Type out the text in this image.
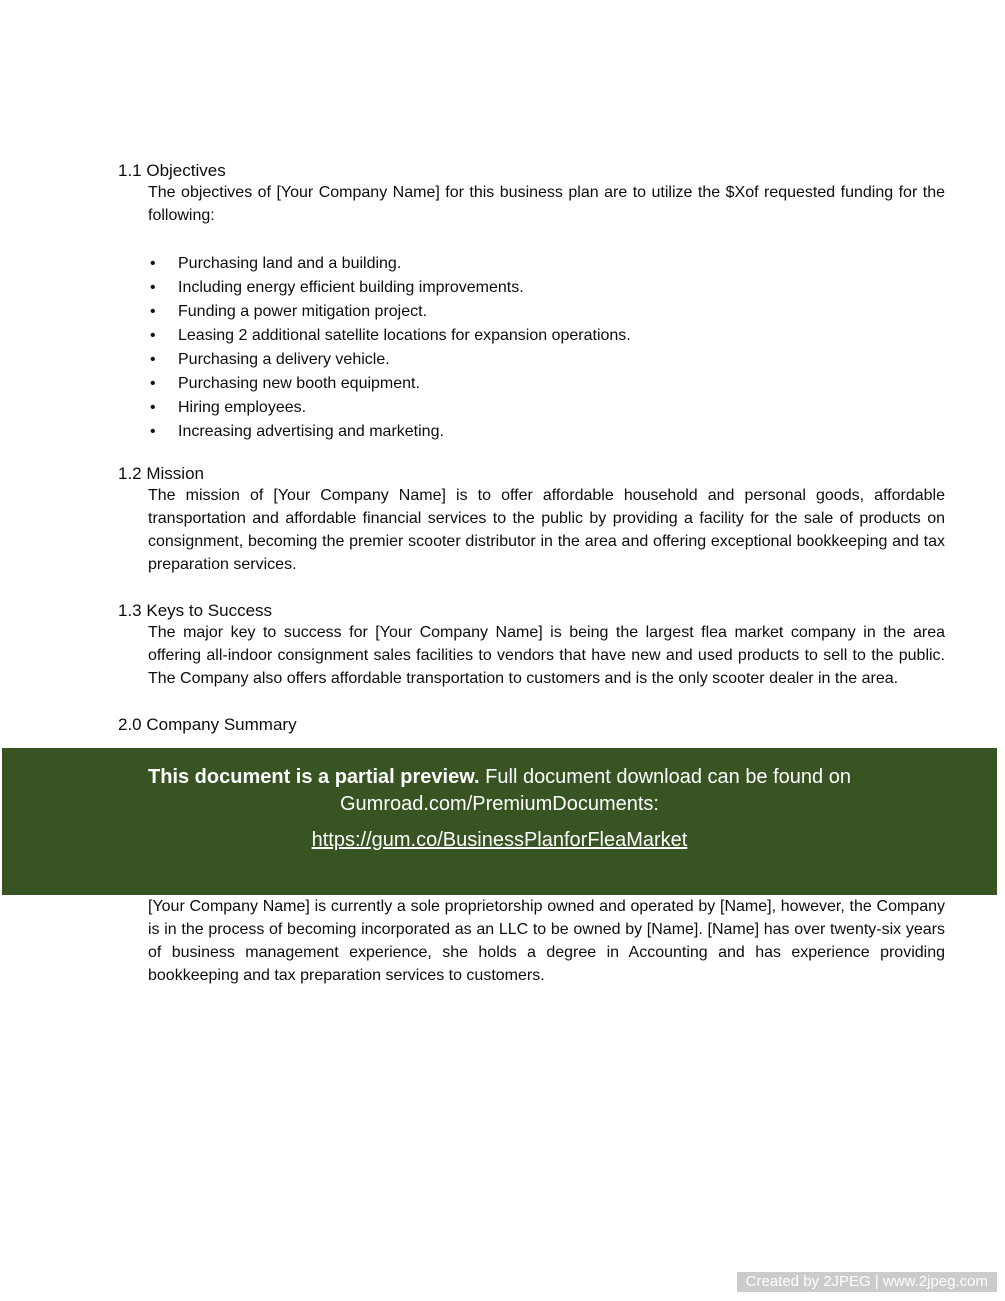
1.1 Objectives

The objectives of [Your Company Name] for this business plan are to utilize the $Xof requested funding for the following:

• Purchasing land and a building.
• Including energy efficient building improvements.
• Funding a power mitigation project.
• Leasing 2 additional satellite locations for expansion operations.
• Purchasing a delivery vehicle.
• Purchasing new booth equipment.
• Hiring employees.
• Increasing advertising and marketing.
1.2 Mission

The mission of [Your Company Name] is to offer affordable household and personal goods, affordable transportation and affordable financial services to the public by providing a facility for the sale of products on consignment, becoming the premier scooter distributor in the area and offering exceptional bookkeeping and tax preparation services.

1.3 Keys to Success

The major key to success for [Your Company Name] is being the largest flea market company in the area offering all-indoor consignment sales facilities to vendors that have new and used products to sell to the public. The Company also offers affordable transportation to customers and is the only scooter dealer in the area.

2.0 Company Summary

This document is a partial preview. Full document download can be found on

Gumroad.com/PremiumDocuments:

https://gum.co/BusinessPlanforFleaMarket

[Your Company Name] is currently a sole proprietorship owned and operated by [Name], however, the Company is in the process of becoming incorporated as an LLC to be owned by [Name]. [Name] has over twenty-six years of business management experience, she holds a degree in Accounting and has experience providing bookkeeping and tax preparation services to customers.

Created by 2JPEG | www.2jpeg.com
